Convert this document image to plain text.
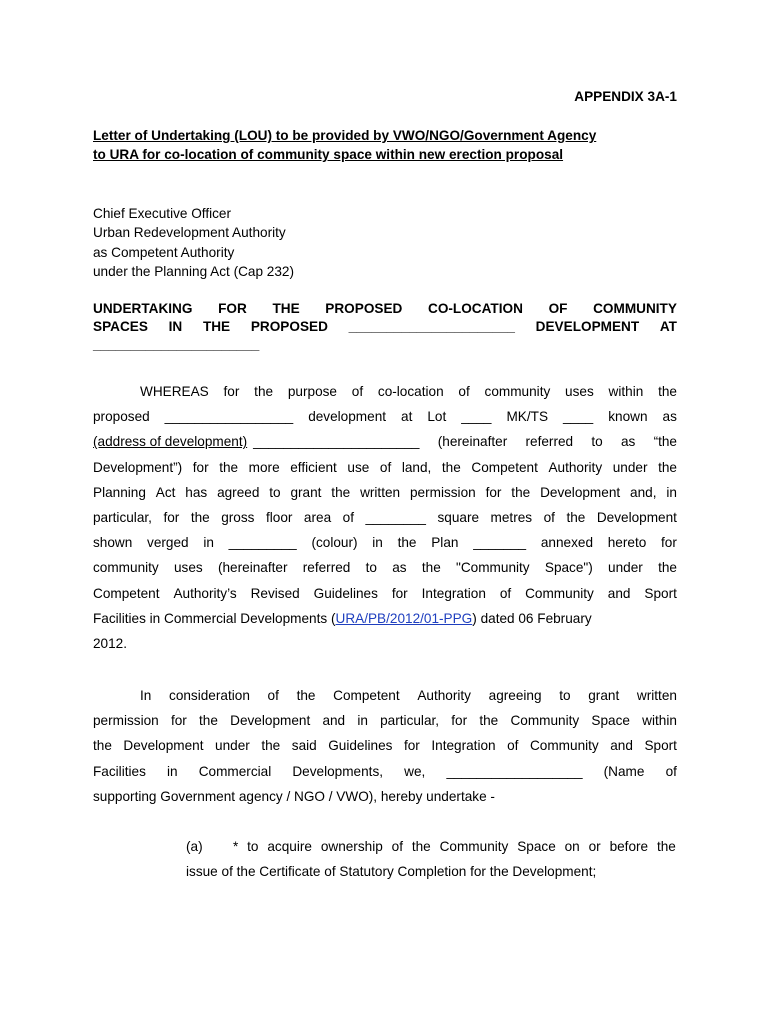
APPENDIX 3A-1
Letter of Undertaking (LOU) to be provided by VWO/NGO/Government Agency
to URA for co-location of community space within new erection proposal
Chief Executive Officer
Urban Redevelopment Authority
as Competent Authority
under the Planning Act (Cap 232)
UNDERTAKING FOR THE PROPOSED CO-LOCATION OF COMMUNITY
SPACES IN THE PROPOSED ______________________ DEVELOPMENT AT
______________________
WHEREAS for the purpose of co-location of community uses within the
proposed _________________ development at Lot ____ MK/TS ____ known as
(address of development) ______________________ (hereinafter referred to as “the
Development”) for the more efficient use of land, the Competent Authority under the
Planning Act has agreed to grant the written permission for the Development and, in
particular, for the gross floor area of ________ square metres of the Development
shown verged in _________ (colour) in the Plan _______ annexed hereto for
community uses (hereinafter referred to as the "Community Space") under the
Competent Authority’s Revised Guidelines for Integration of Community and Sport
Facilities in Commercial Developments (URA/PB/2012/01-PPG) dated 06 February
2012.
In consideration of the Competent Authority agreeing to grant written
permission for the Development and in particular, for the Community Space within
the Development under the said Guidelines for Integration of Community and Sport
Facilities in Commercial Developments, we, __________________ (Name of
supporting Government agency / NGO / VWO), hereby undertake -
(a)	* to acquire ownership of the Community Space on or before the
issue of the Certificate of Statutory Completion for the Development;
